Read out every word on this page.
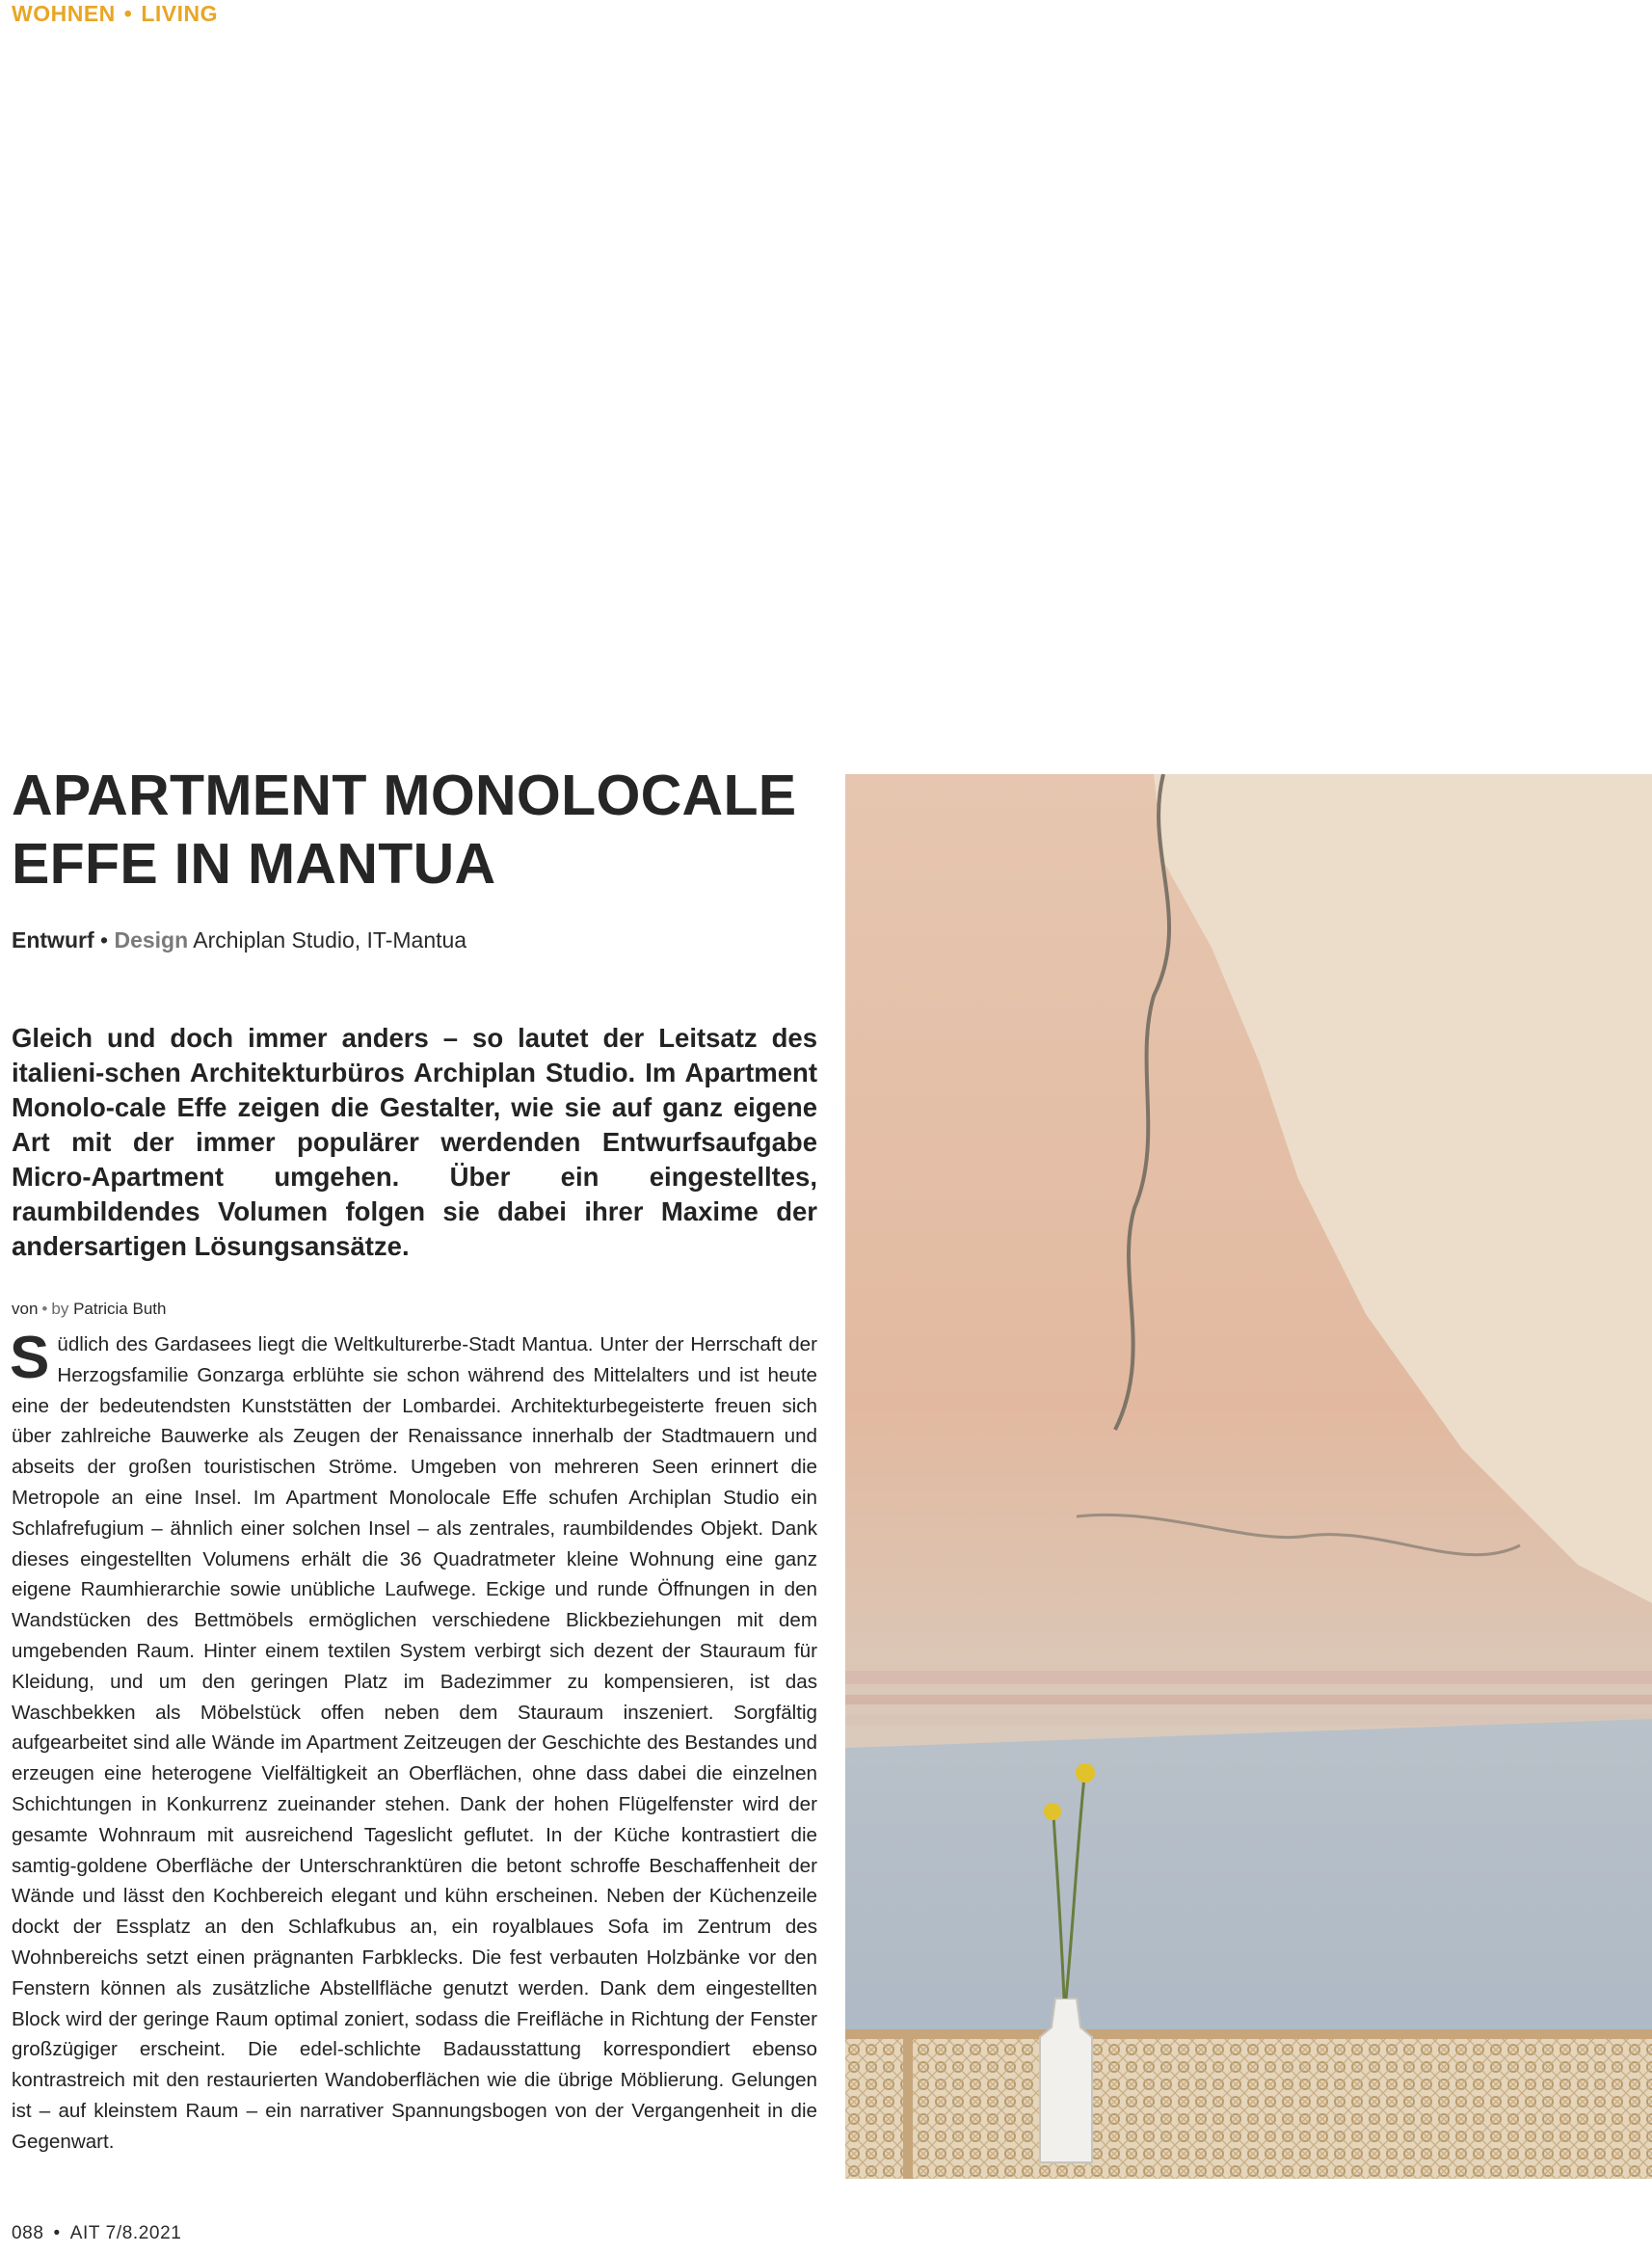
WOHNEN • LIVING
APARTMENT MONOLOCALE
EFFE IN MANTUA
Entwurf • Design Archiplan Studio, IT-Mantua

Gleich und doch immer anders – so lautet der Leitsatz des italieni-schen Architekturbüros Archiplan Studio. Im Apartment Monolo-cale Effe zeigen die Gestalter, wie sie auf ganz eigene Art mit der immer populärer werdenden Entwurfsaufgabe Micro-Apartment umgehen. Über ein eingestelltes, raumbildendes Volumen folgen sie dabei ihrer Maxime der andersartigen Lösungsansätze.

von • by Patricia Buth

Südlich des Gardasees liegt die Weltkulturerbe-Stadt Mantua. Unter der Herrschaft der Herzogsfamilie Gonzarga erblühte sie schon während des Mittelalters und ist heute eine der bedeutendsten Kunststätten der Lombardei. Architekturbegeisterte freuen sich über zahlreiche Bauwerke als Zeugen der Renaissance innerhalb der Stadtmauern und abseits der großen touristischen Ströme. Umgeben von mehreren Seen erinnert die Metropole an eine Insel. Im Apartment Monolocale Effe schufen Archiplan Studio ein Schlafrefugium – ähnlich einer solchen Insel – als zentrales, raumbildendes Objekt. Dank dieses eingestellten Volumens erhält die 36 Quadratmeter kleine Wohnung eine ganz eigene Raumhierarchie sowie unübliche Laufwege. Eckige und runde Öffnungen in den Wandstücken des Bettmöbels ermöglichen verschiedene Blickbeziehungen mit dem umgebenden Raum. Hinter einem textilen System verbirgt sich dezent der Stauraum für Kleidung, und um den geringen Platz im Badezimmer zu kompensieren, ist das Waschbekken als Möbelstück offen neben dem Stauraum inszeniert. Sorgfältig aufgearbeitet sind alle Wände im Apartment Zeitzeugen der Geschichte des Bestandes und erzeugen eine heterogene Vielfältigkeit an Oberflächen, ohne dass dabei die einzelnen Schichtungen in Konkurrenz zueinander stehen. Dank der hohen Flügelfenster wird der gesamte Wohnraum mit ausreichend Tageslicht geflutet. In der Küche kontrastiert die samtig-goldene Oberfläche der Unterschranktüren die betont schroffe Beschaffenheit der Wände und lässt den Kochbereich elegant und kühn erscheinen. Neben der Küchenzeile dockt der Essplatz an den Schlafkubus an, ein royalblaues Sofa im Zentrum des Wohnbereichs setzt einen prägnanten Farbklecks. Die fest verbauten Holzbänke vor den Fenstern können als zusätzliche Abstellfläche genutzt werden. Dank dem eingestellten Block wird der geringe Raum optimal zoniert, sodass die Freifläche in Richtung der Fenster großzügiger erscheint. Die edel-schlichte Badausstattung korrespondiert ebenso kontrastreich mit den restaurierten Wandoberflächen wie die übrige Möblierung. Gelungen ist – auf kleinstem Raum – ein narrativer Spannungsbogen von der Vergangenheit in die Gegenwart.

088 • AIT 7/8.2021
